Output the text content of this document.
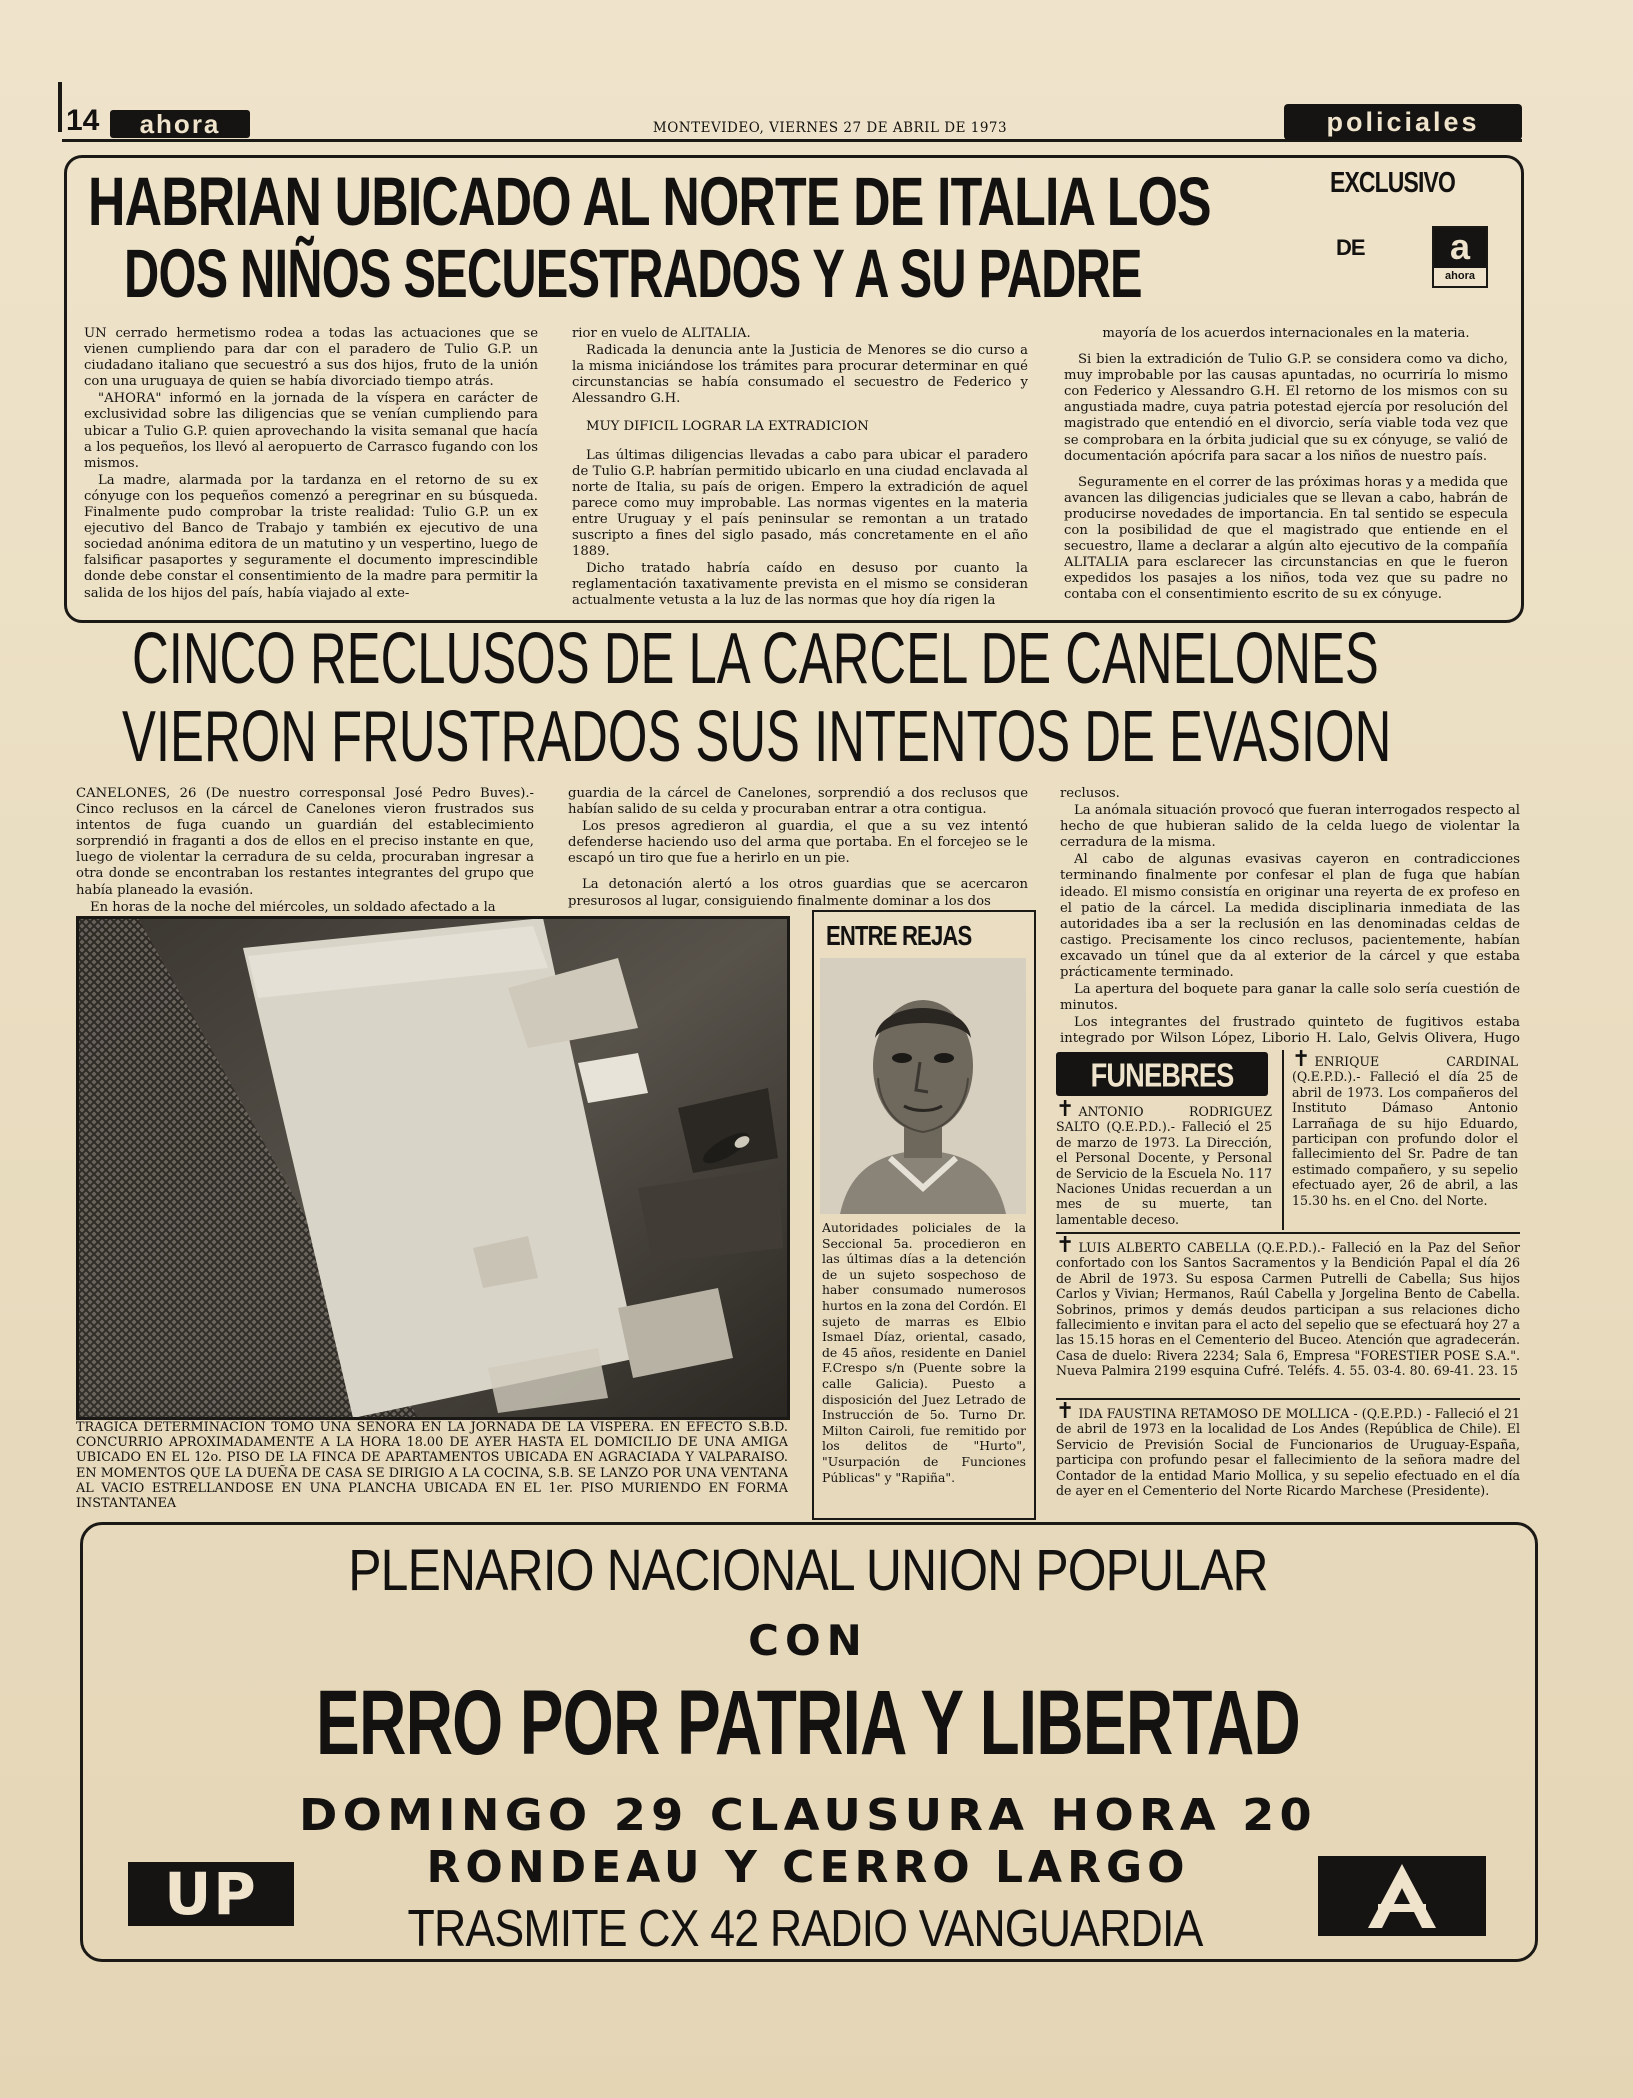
14	ahora	MONTEVIDEO, VIERNES 27 DE ABRIL DE 1973	policiales
HABRIAN UBICADO AL NORTE DE ITALIA LOS
DOS NIÑOS SECUESTRADOS Y A SU PADRE
EXCLUSIVO
DE	a
ahora

UN cerrado hermetismo rodea a todas las actuaciones que se vienen cumpliendo para dar con el paradero de Tulio G.P. un ciudadano italiano que secuestró a sus dos hijos, fruto de la unión con una uruguaya de quien se había divorciado tiempo atrás.

"AHORA" informó en la jornada de la víspera en carácter de exclusividad sobre las diligencias que se venían cumpliendo para ubicar a Tulio G.P. quien aprovechando la visita semanal que hacía a los pequeños, los llevó al aeropuerto de Carrasco fugando con los mismos.

La madre, alarmada por la tardanza en el retorno de su ex cónyuge con los pequeños comenzó a peregrinar en su búsqueda. Finalmente pudo comprobar la triste realidad: Tulio G.P. un ex ejecutivo del Banco de Trabajo y también ex ejecutivo de una sociedad anónima editora de un matutino y un vespertino, luego de falsificar pasaportes y seguramente el documento imprescindible donde debe constar el consentimiento de la madre para permitir la salida de los hijos del país, había viajado al exte-

rior en vuelo de ALITALIA.

Radicada la denuncia ante la Justicia de Menores se dio curso a la misma iniciándose los trámites para procurar determinar en qué circunstancias se había consumado el secuestro de Federico y Alessandro G.H.

MUY DIFICIL LOGRAR LA EXTRADICION

Las últimas diligencias llevadas a cabo para ubicar el paradero de Tulio G.P. habrían permitido ubicarlo en una ciudad enclavada al norte de Italia, su país de origen. Empero la extradición de aquel parece como muy improbable. Las normas vigentes en la materia entre Uruguay y el país peninsular se remontan a un tratado suscripto a fines del siglo pasado, más concretamente en el año 1889.

Dicho tratado habría caído en desuso por cuanto la reglamentación taxativamente prevista en el mismo se consideran actualmente vetusta a la luz de las normas que hoy día rigen la

mayoría de los acuerdos internacionales en la materia.

Si bien la extradición de Tulio G.P. se considera como va dicho, muy improbable por las causas apuntadas, no ocurriría lo mismo con Federico y Alessandro G.H. El retorno de los mismos con su angustiada madre, cuya patria potestad ejercía por resolución del magistrado que entendió en el divorcio, sería viable toda vez que se comprobara en la órbita judicial que su ex cónyuge, se valió de documentación apócrifa para sacar a los niños de nuestro país.

Seguramente en el correr de las próximas horas y a medida que avancen las diligencias judiciales que se llevan a cabo, habrán de producirse novedades de importancia. En tal sentido se especula con la posibilidad de que el magistrado que entiende en el secuestro, llame a declarar a algún alto ejecutivo de la compañía ALITALIA para esclarecer las circunstancias en que le fueron expedidos los pasajes a los niños, toda vez que su padre no contaba con el consentimiento escrito de su ex cónyuge.

CINCO RECLUSOS DE LA CARCEL DE CANELONES
VIERON FRUSTRADOS SUS INTENTOS DE EVASION

CANELONES, 26 (De nuestro corresponsal José Pedro Buves).- Cinco reclusos en la cárcel de Canelones vieron frustrados sus intentos de fuga cuando un guardián del establecimiento sorprendió in fraganti a dos de ellos en el preciso instante en que, luego de violentar la cerradura de su celda, procuraban ingresar a otra donde se encontraban los restantes integrantes del grupo que había planeado la evasión.

En horas de la noche del miércoles, un soldado afectado a la

guardia de la cárcel de Canelones, sorprendió a dos reclusos que habían salido de su celda y procuraban entrar a otra contigua.

Los presos agredieron al guardia, el que a su vez intentó defenderse haciendo uso del arma que portaba. En el forcejeo se le escapó un tiro que fue a herirlo en un pie.

La detonación alertó a los otros guardias que se acercaron presurosos al lugar, consiguiendo finalmente dominar a los dos

reclusos.

La anómala situación provocó que fueran interrogados respecto al hecho de que hubieran salido de la celda luego de violentar la cerradura de la misma.

Al cabo de algunas evasivas cayeron en contradicciones terminando finalmente por confesar el plan de fuga que habían ideado. El mismo consistía en originar una reyerta de ex profeso en el patio de la cárcel. La medida disciplinaria inmediata de las autoridades iba a ser la reclusión en las denominadas celdas de castigo. Precisamente los cinco reclusos, pacientemente, habían excavado un túnel que da al exterior de la cárcel y que estaba prácticamente terminado.

La apertura del boquete para ganar la calle solo sería cuestión de minutos.

Los integrantes del frustrado quinteto de fugitivos estaba integrado por Wilson López, Liborio H. Lalo, Gelvis Olivera, Hugo

TRAGICA DETERMINACION TOMO UNA SEÑORA EN LA JORNADA DE LA VISPERA. EN EFECTO S.B.D. CONCURRIO APROXIMADAMENTE A LA HORA 18.00 DE AYER HASTA EL DOMICILIO DE UNA AMIGA UBICADO EN EL 12o. PISO DE LA FINCA DE APARTAMENTOS UBICADA EN AGRACIADA Y VALPARAISO. EN MOMENTOS QUE LA DUEÑA DE CASA SE DIRIGIO A LA COCINA, S.B. SE LANZO POR UNA VENTANA AL VACIO ESTRELLANDOSE EN UNA PLANCHA UBICADA EN EL 1er. PISO MURIENDO EN FORMA INSTANTANEA
ENTRE REJAS
Autoridades policiales de la Seccional 5a. procedieron en las últimas días a la detención de un sujeto sospechoso de haber consumado numerosos hurtos en la zona del Cordón. El sujeto de marras es Elbio Ismael Díaz, oriental, casado, de 45 años, residente en Daniel F.Crespo s/n (Puente sobre la calle Galicia). Puesto a disposición del Juez Letrado de Instrucción de 5o. Turno Dr. Milton Cairoli, fue remitido por los delitos de "Hurto", "Usurpación de Funciones Públicas" y "Rapiña".
FUNEBRES

✝ ANTONIO RODRIGUEZ SALTO (Q.E.P.D.).- Falleció el 25 de marzo de 1973. La Dirección, el Personal Docente, y Personal de Servicio de la Escuela No. 117 Naciones Unidas recuerdan a un mes de su muerte, tan lamentable deceso.

✝ ENRIQUE CARDINAL (Q.E.P.D.).- Falleció el día 25 de abril de 1973. Los compañeros del Instituto Dámaso Antonio Larrañaga de su hijo Eduardo, participan con profundo dolor el fallecimiento del Sr. Padre de tan estimado compañero, y su sepelio efectuado ayer, 26 de abril, a las 15.30 hs. en el Cno. del Norte.

✝ LUIS ALBERTO CABELLA (Q.E.P.D.).- Falleció en la Paz del Señor confortado con los Santos Sacramentos y la Bendición Papal el día 26 de Abril de 1973. Su esposa Carmen Putrelli de Cabella; Sus hijos Carlos y Vivian; Hermanos, Raúl Cabella y Jorgelina Bento de Cabella. Sobrinos, primos y demás deudos participan a sus relaciones dicho fallecimiento e invitan para el acto del sepelio que se efectuará hoy 27 a las 15.15 horas en el Cementerio del Buceo. Atención que agradecerán. Casa de duelo: Rivera 2234; Sala 6, Empresa "FORESTIER POSE S.A.". Nueva Palmira 2199 esquina Cufré. Teléfs. 4. 55. 03-4. 80. 69-41. 23. 15

✝ IDA FAUSTINA RETAMOSO DE MOLLICA - (Q.E.P.D.) - Falleció el 21 de abril de 1973 en la localidad de Los Andes (República de Chile). El Servicio de Previsión Social de Funcionarios de Uruguay-España, participa con profundo pesar el fallecimiento de la señora madre del Contador de la entidad Mario Mollica, y su sepelio efectuado en el día de ayer en el Cementerio del Norte Ricardo Marchese (Presidente).

PLENARIO NACIONAL UNION POPULAR
CON
ERRO POR PATRIA Y LIBERTAD
DOMINGO 29 CLAUSURA HORA 20
RONDEAU Y CERRO LARGO
UP
TRASMITE CX 42 RADIO VANGUARDIA
A
